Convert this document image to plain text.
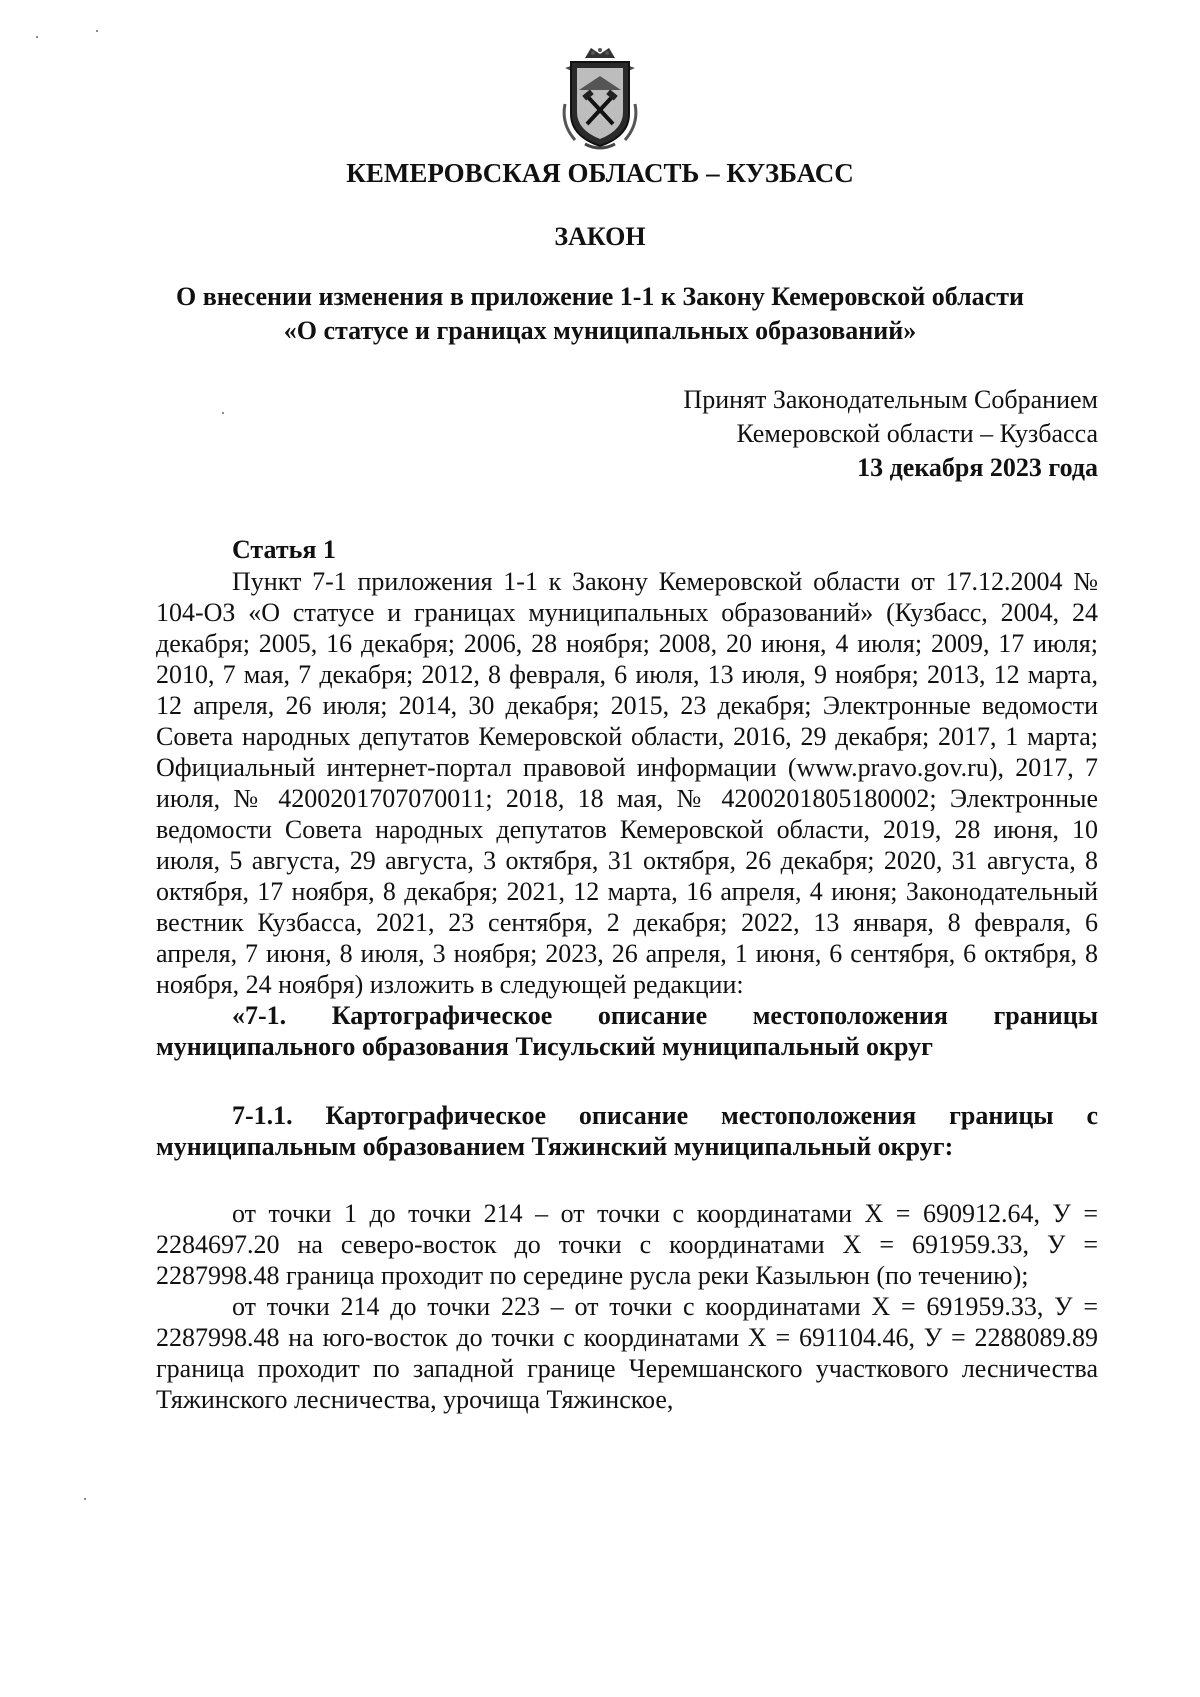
КЕМЕРОВСКАЯ ОБЛАСТЬ – КУЗБАСС
ЗАКОН
О внесении изменения в приложение 1-1 к Закону Кемеровской области
«О статусе и границах муниципальных образований»
Принят Законодательным Собранием
Кемеровской области – Кузбасса
13 декабря 2023 года
Статья 1

Пункт 7-1 приложения 1-1 к Закону Кемеровской области от 17.12.2004 № 104-ОЗ «О статусе и границах муниципальных образований» (Кузбасс, 2004, 24 декабря; 2005, 16 декабря; 2006, 28 ноября; 2008, 20 июня, 4 июля; 2009, 17 июля; 2010, 7 мая, 7 декабря; 2012, 8 февраля, 6 июля, 13 июля, 9 ноября; 2013, 12 марта, 12 апреля, 26 июля; 2014, 30 декабря; 2015, 23 декабря; Электронные ведомости Совета народных депутатов Кемеровской области, 2016, 29 декабря; 2017, 1 марта; Официальный интернет-портал правовой информации (www.pravo.gov.ru), 2017, 7 июля, № 4200201707070011; 2018, 18 мая, № 4200201805180002; Электронные ведомости Совета народных депутатов Кемеровской области, 2019, 28 июня, 10 июля, 5 августа, 29 августа, 3 октября, 31 октября, 26 декабря; 2020, 31 августа, 8 октября, 17 ноября, 8 декабря; 2021, 12 марта, 16 апреля, 4 июня; Законодательный вестник Кузбасса, 2021, 23 сентября, 2 декабря; 2022, 13 января, 8 февраля, 6 апреля, 7 июня, 8 июля, 3 ноября; 2023, 26 апреля, 1 июня, 6 сентября, 6 октября, 8 ноября, 24 ноября) изложить в следующей редакции:

«7-1. Картографическое описание местоположения границы муниципального образования Тисульский муниципальный округ

7-1.1. Картографическое описание местоположения границы с муниципальным образованием Тяжинский муниципальный округ:

от точки 1 до точки 214 – от точки с координатами Х = 690912.64, У = 2284697.20 на северо-восток до точки с координатами Х = 691959.33, У = 2287998.48 граница проходит по середине русла реки Казыльюн (по течению);

от точки 214 до точки 223 – от точки с координатами Х = 691959.33, У = 2287998.48 на юго-восток до точки с координатами Х = 691104.46, У = 2288089.89 граница проходит по западной границе Черемшанского участкового лесничества Тяжинского лесничества, урочища Тяжинское,
